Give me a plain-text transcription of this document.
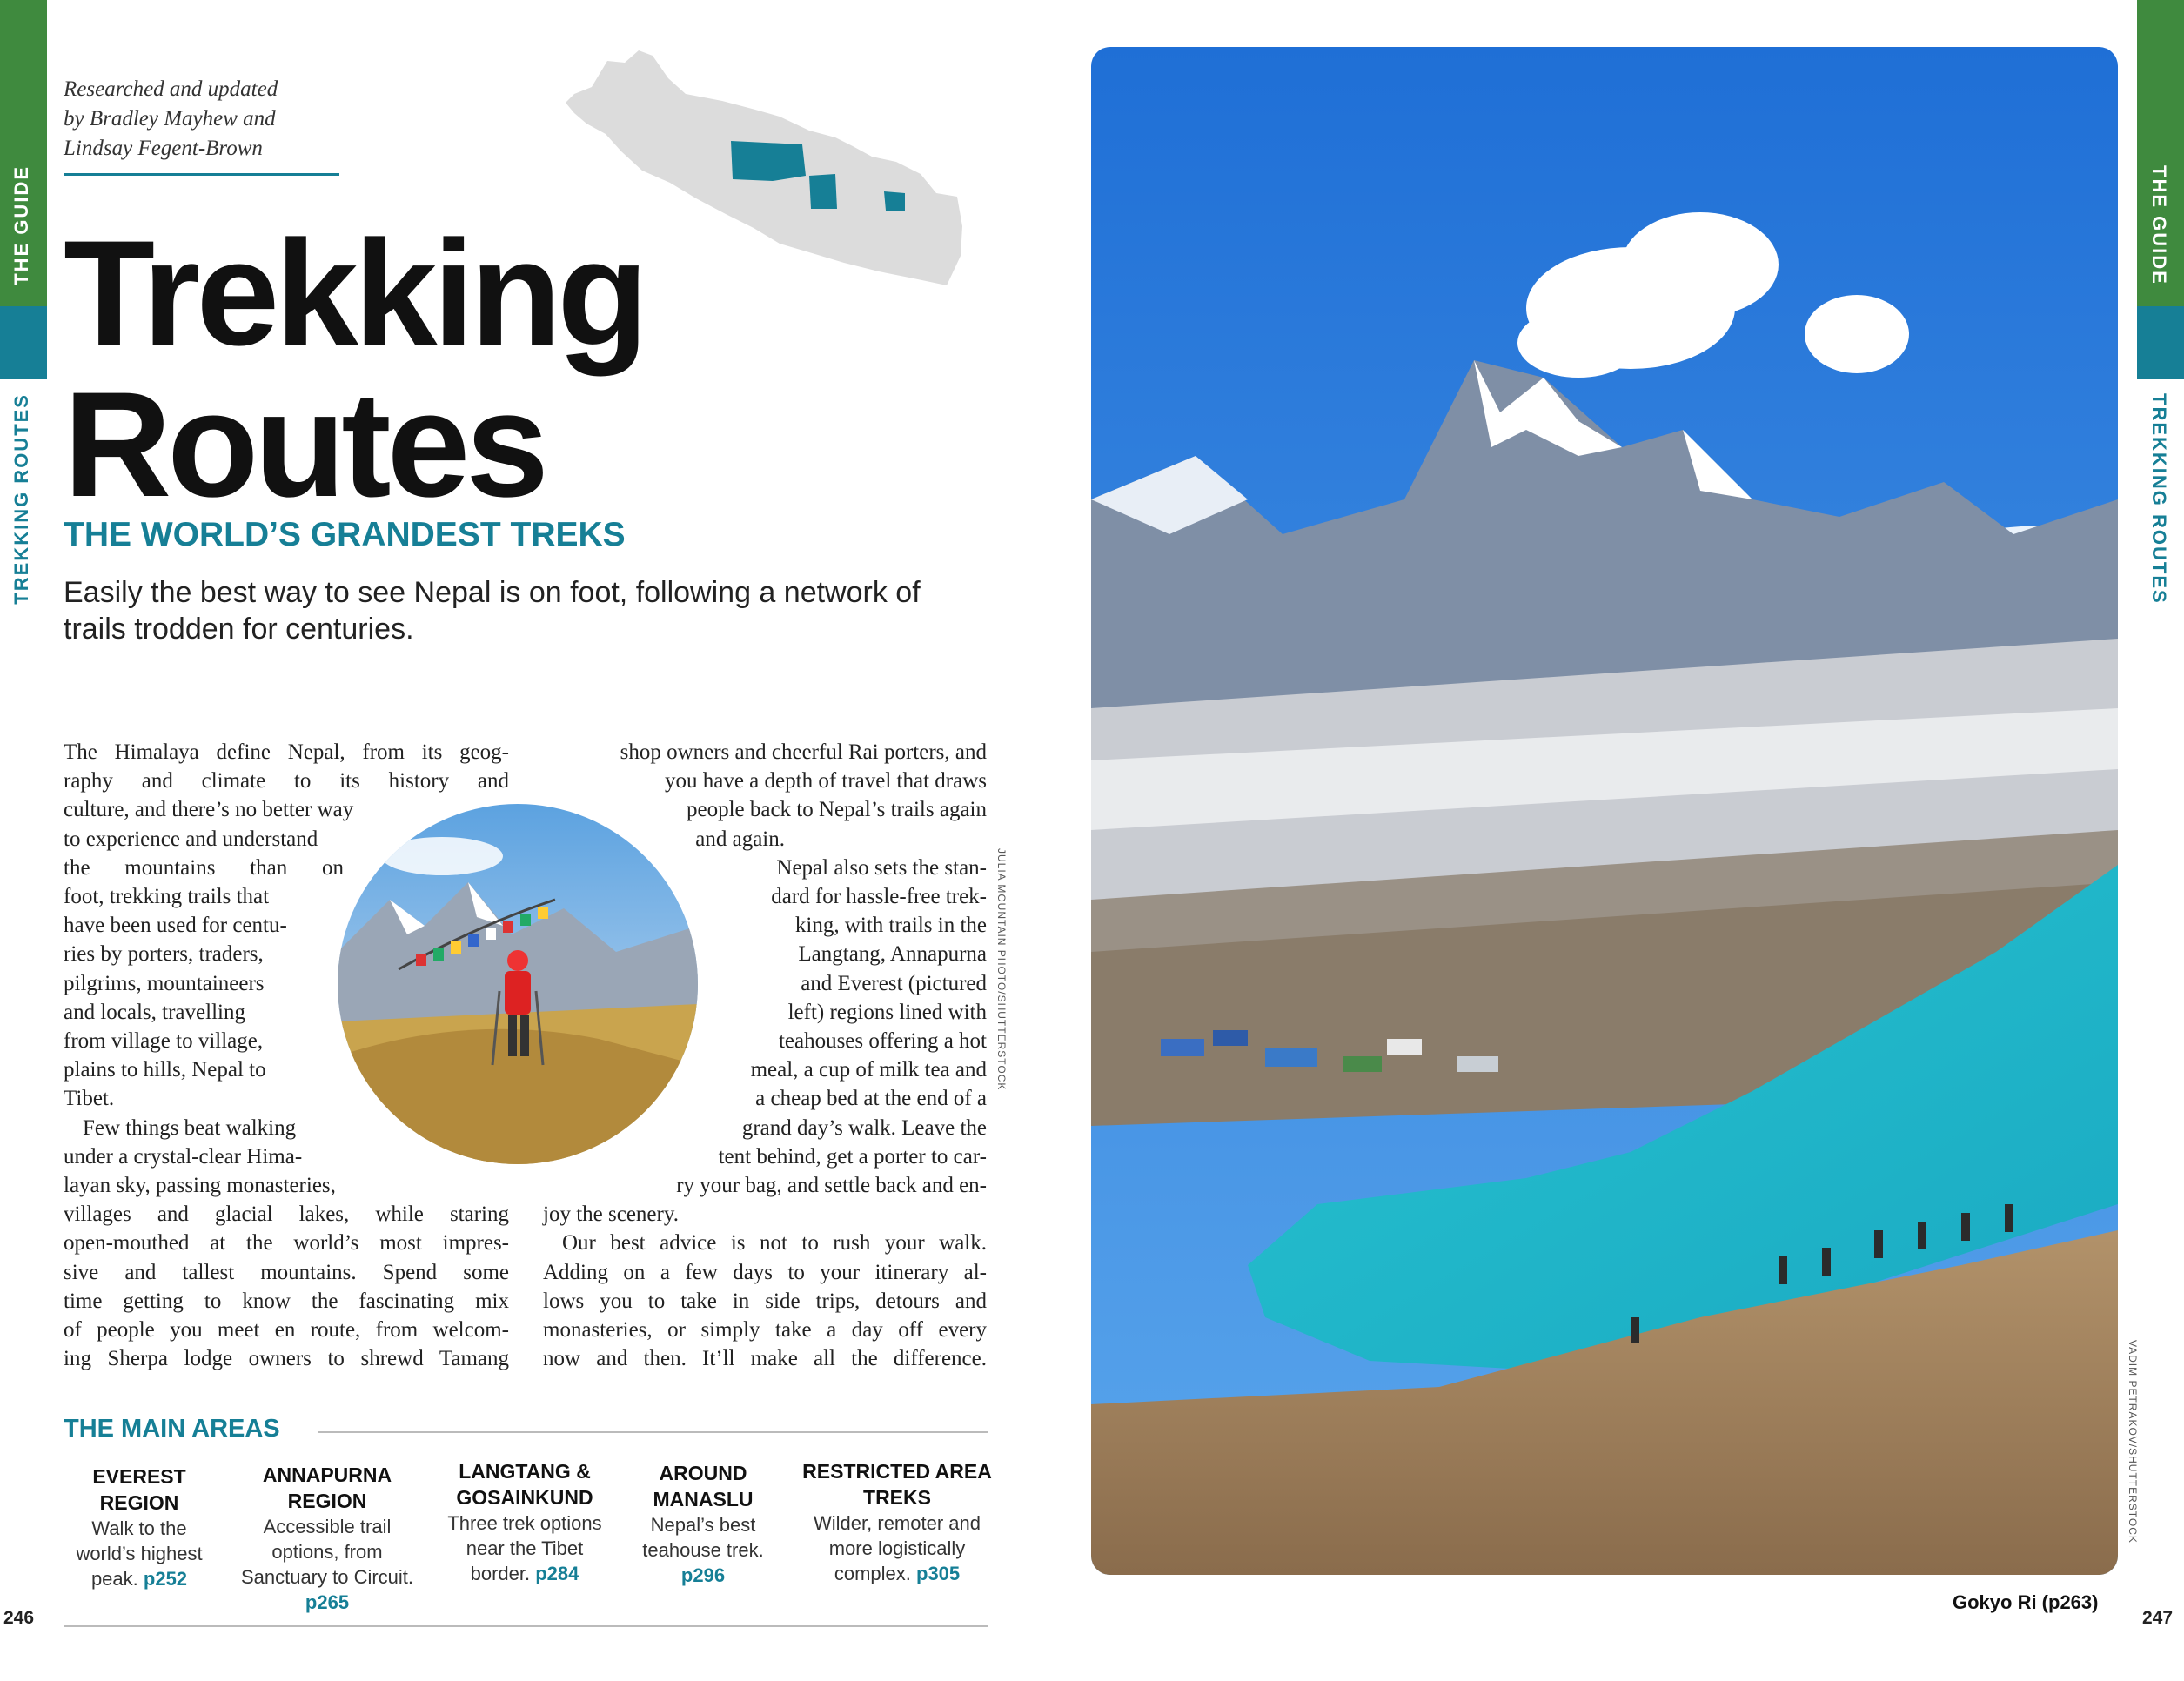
THE GUIDE
TREKKING ROUTES
THE GUIDE
TREKKING ROUTES
Researched and updated
by Bradley Mayhew and
Lindsay Fegent-Brown
Trekking
Routes
THE WORLD’S GRANDEST TREKS
Easily the best way to see Nepal is on foot, following a network of trails trodden for centuries.
The Himalaya define Nepal, from its geog-
raphy and climate to its history and
culture, and there’s no better way
to experience and understand
the mountains than on
foot, trekking trails that
have been used for centu-
ries by porters, traders,
pilgrims, mountaineers
and locals, travelling
from village to village,
plains to hills, Nepal to
Tibet.
Few things beat walking
under a crystal-clear Hima-
layan sky, passing monasteries,
villages and glacial lakes, while staring
open-mouthed at the world’s most impres-
sive and tallest mountains. Spend some
time getting to know the fascinating mix
of people you meet en route, from welcom-
ing Sherpa lodge owners to shrewd Tamang
shop owners and cheerful Rai porters, and
you have a depth of travel that draws
people back to Nepal’s trails again
and again.
Nepal also sets the stan-
dard for hassle-free trek-
king, with trails in the
Langtang, Annapurna
and Everest (pictured
left) regions lined with
teahouses offering a hot
meal, a cup of milk tea and
a cheap bed at the end of a
grand day’s walk. Leave the
tent behind, get a porter to car-
ry your bag, and settle back and en-
joy the scenery.
Our best advice is not to rush your walk.
Adding on a few days to your itinerary al-
lows you to take in side trips, detours and
monasteries, or simply take a day off every
now and then. It’ll make all the difference.
JULIA MOUNTAIN PHOTO/SHUTTERSTOCK
THE MAIN AREAS
EVEREST
REGION
Walk to the
world’s highest
peak. p252
ANNAPURNA REGION
Accessible trail
options, from
Sanctuary to Circuit.
p265
LANGTANG &
GOSAINKUND
Three trek options
near the Tibet
border. p284
AROUND
MANASLU
Nepal’s best
teahouse trek.
p296
RESTRICTED AREA
TREKS
Wilder, remoter and
more logistically
complex. p305
246
VADIM PETRAKOV/SHUTTERSTOCK
Gokyo Ri (p263)
247
